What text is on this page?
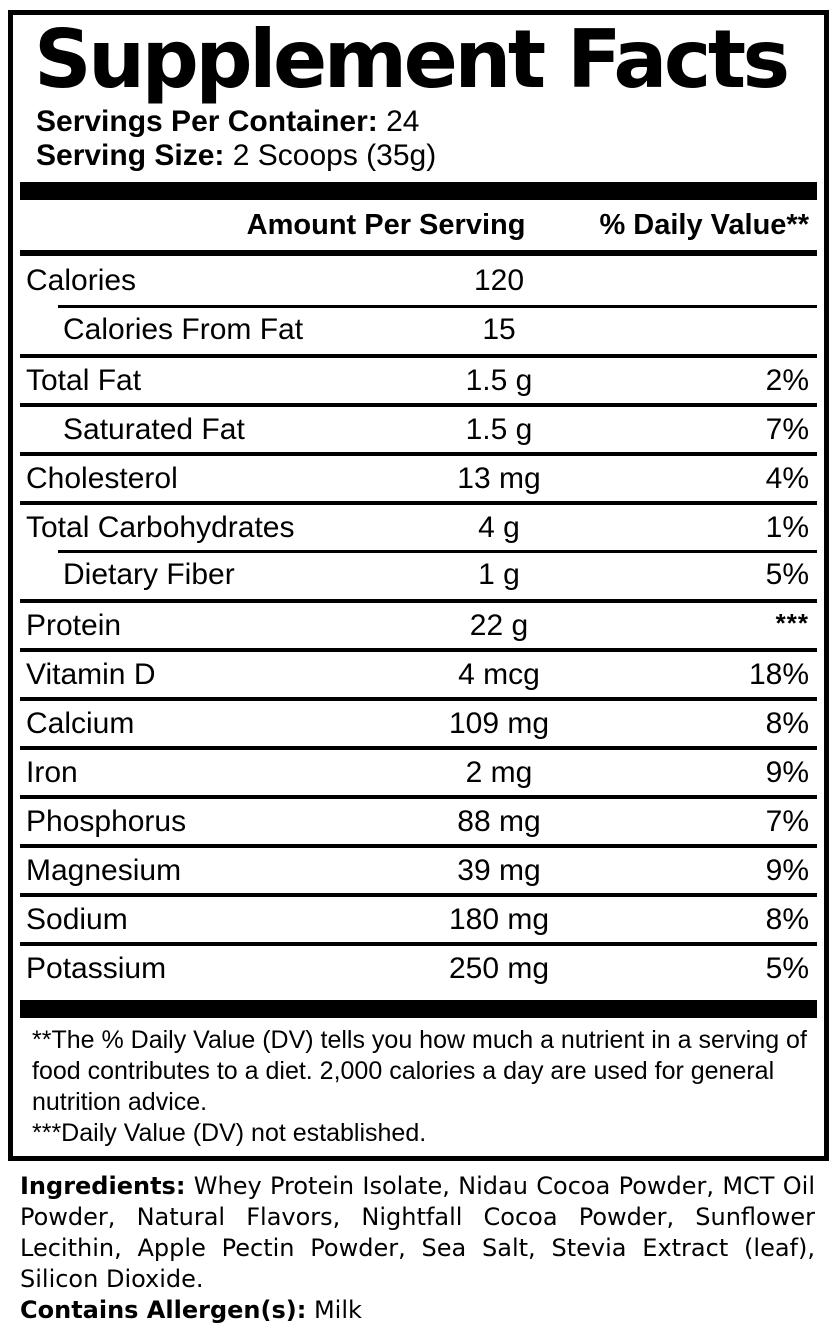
Supplement Facts
Servings Per Container: 24
Serving Size: 2 Scoops (35g)
Amount Per Serving	% Daily Value**
Calories	120
Calories From Fat	15
Total Fat	1.5 g	2%
Saturated Fat	1.5 g	7%
Cholesterol	13 mg	4%
Total Carbohydrates	4 g	1%
Dietary Fiber	1 g	5%
Protein	22 g	***
Vitamin D	4 mcg	18%
Calcium	109 mg	8%
Iron	2 mg	9%
Phosphorus	88 mg	7%
Magnesium	39 mg	9%
Sodium	180 mg	8%
Potassium	250 mg	5%
**The % Daily Value (DV) tells you how much a nutrient in a serving of food contributes to a diet. 2,000 calories a day are used for general nutrition advice.
***Daily Value (DV) not established.
Ingredients: Whey Protein Isolate, Nidau Cocoa Powder, MCT Oil Powder, Natural Flavors, Nightfall Cocoa Powder, Sunflower Lecithin, Apple Pectin Powder, Sea Salt, Stevia Extract (leaf), Silicon Dioxide.
Contains Allergen(s): Milk
